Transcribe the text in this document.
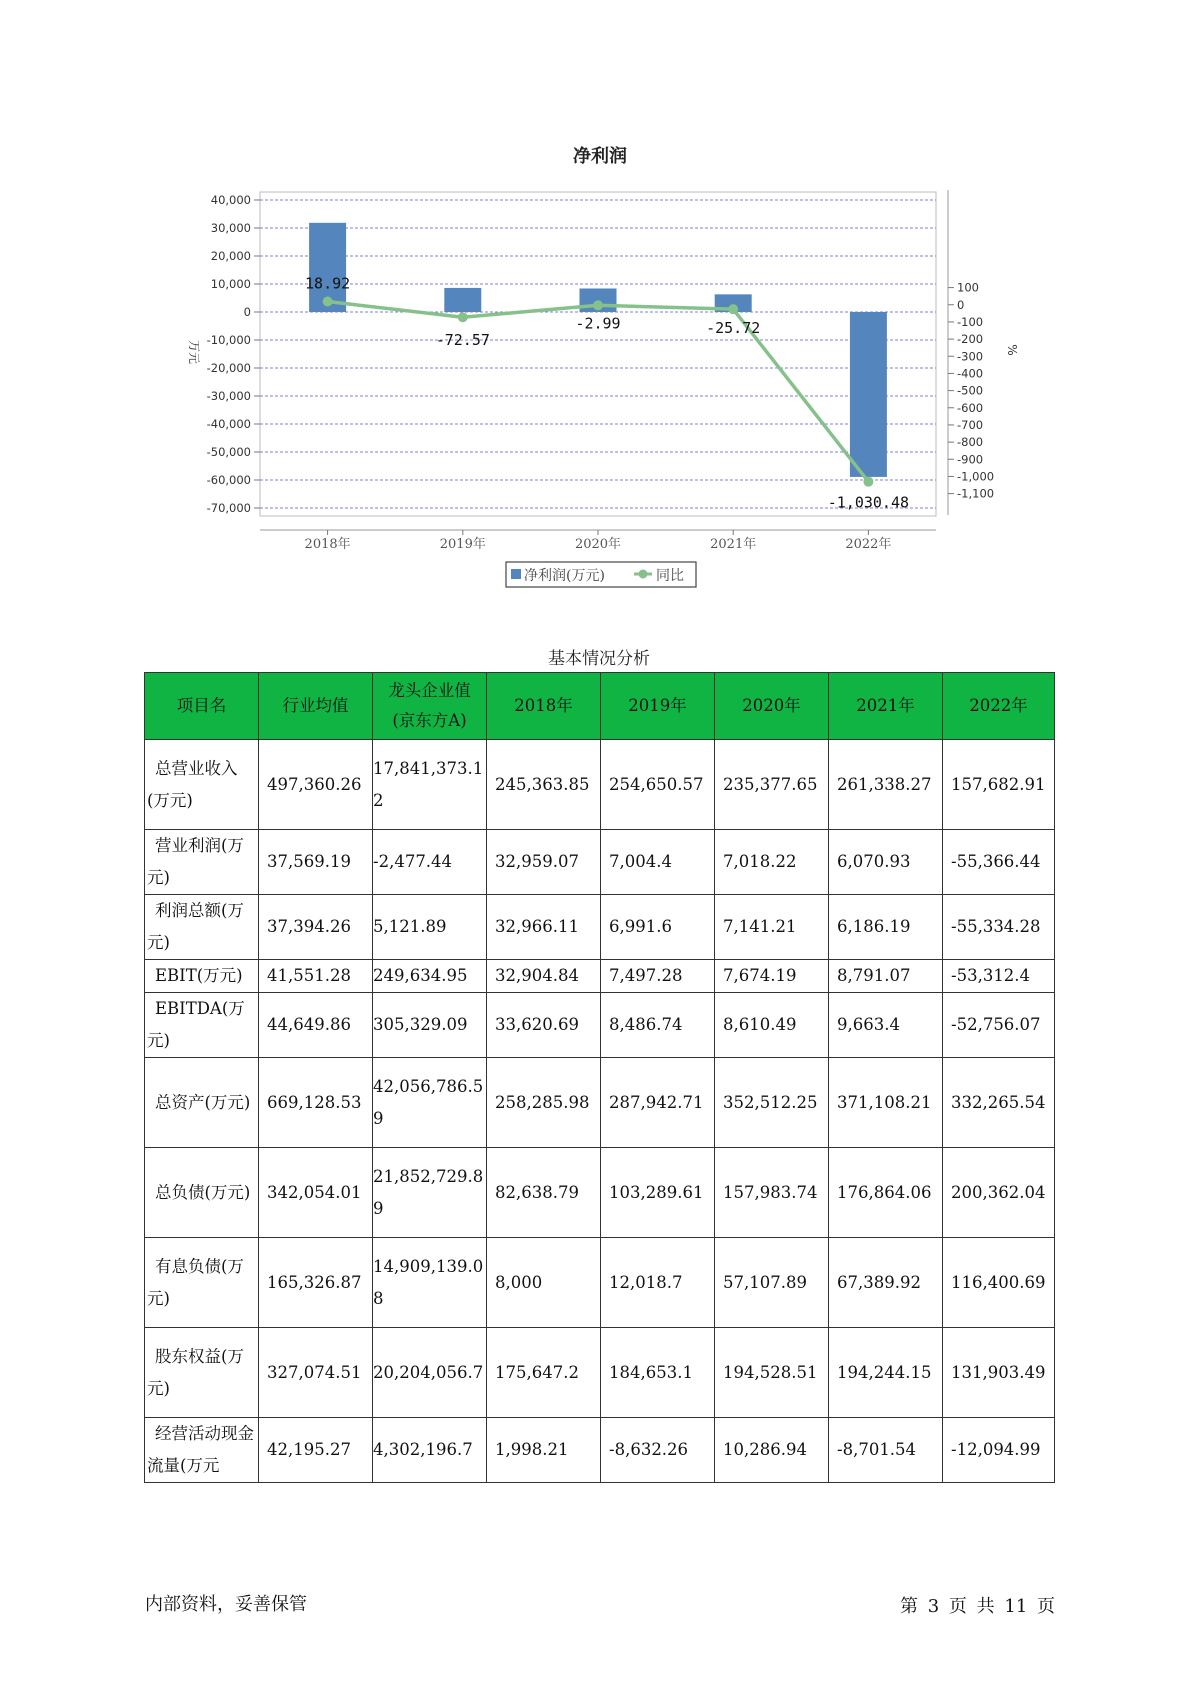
净利润
40,000
30,000
20,000
10,000
0
-10,000
-20,000
-30,000
-40,000
-50,000
-60,000
-70,000
100
0
-100
-200
-300
-400
-500
-600
-700
-800
-900
-1,000
-1,100
2018年	2019年	2020年	2021年	2022年
18.92
-72.57
-2.99	-25.72
-1,030.48
万元	%
净利润(万元)	同比
基本情况分析
项目名	行业均值	龙头企业值(京东方A)	2018年	2019年	2020年	2021年	2022年
总营业收入(万元)	497,360.26	17,841,373.12	245,363.85	254,650.57	235,377.65	261,338.27	157,682.91
营业利润(万元)	37,569.19	-2,477.44	32,959.07	7,004.4	7,018.22	6,070.93	-55,366.44
利润总额(万元)	37,394.26	5,121.89	32,966.11	6,991.6	7,141.21	6,186.19	-55,334.28
EBIT(万元)	41,551.28	249,634.95	32,904.84	7,497.28	7,674.19	8,791.07	-53,312.4
EBITDA(万元)	44,649.86	305,329.09	33,620.69	8,486.74	8,610.49	9,663.4	-52,756.07
总资产(万元)	669,128.53	42,056,786.59	258,285.98	287,942.71	352,512.25	371,108.21	332,265.54
总负债(万元)	342,054.01	21,852,729.89	82,638.79	103,289.61	157,983.74	176,864.06	200,362.04
有息负债(万元)	165,326.87	14,909,139.08	8,000	12,018.7	57,107.89	67,389.92	116,400.69
股东权益(万元)	327,074.51	20,204,056.7	175,647.2	184,653.1	194,528.51	194,244.15	131,903.49
经营活动现金流量(万元	42,195.27	4,302,196.7	1,998.21	-8,632.26	10,286.94	-8,701.54	-12,094.99
内部资料，妥善保管	第 3 页 共 11 页
